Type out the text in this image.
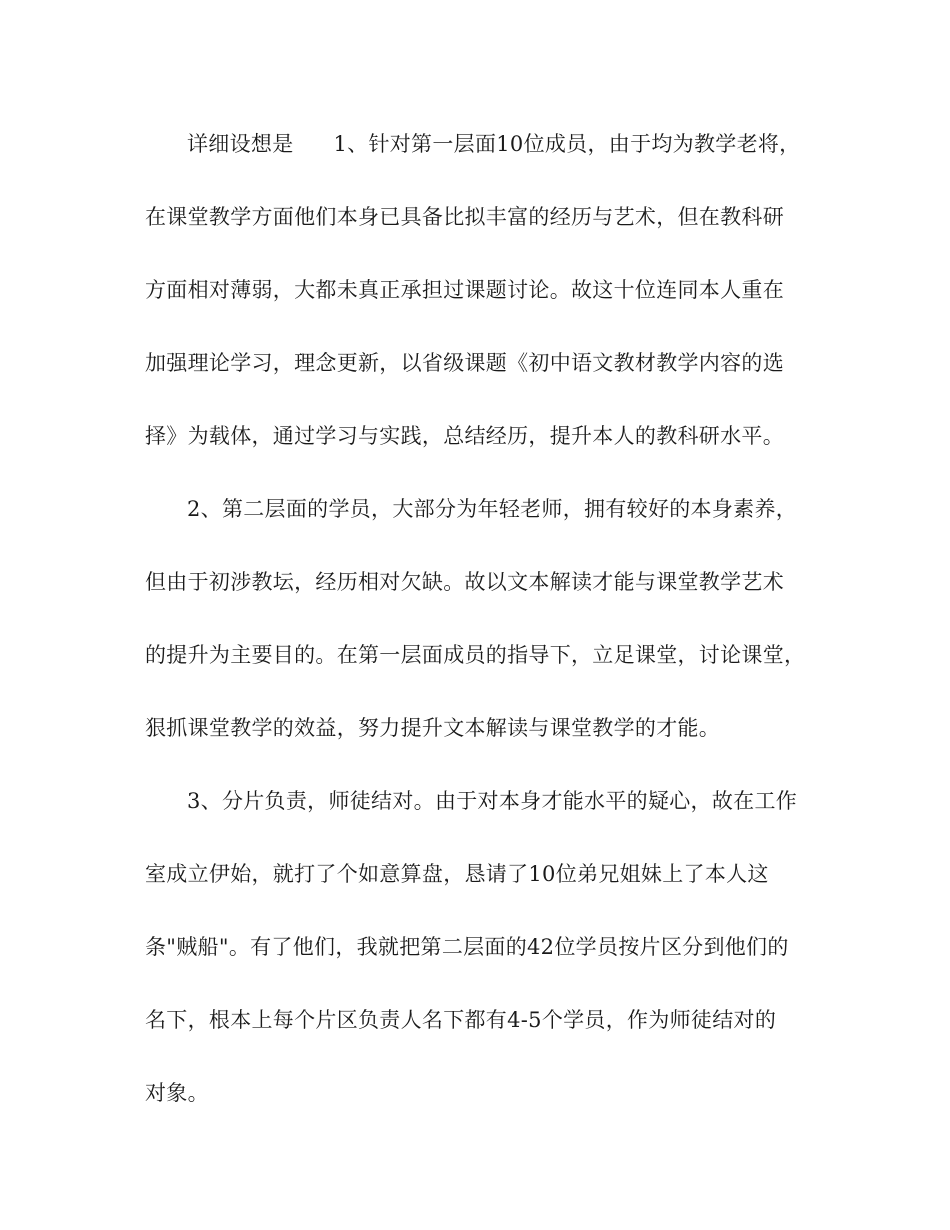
详细设想是 1、针对第一层面10位成员，由于均为教学老将，
在课堂教学方面他们本身已具备比拟丰富的经历与艺术，但在教科研
方面相对薄弱，大都未真正承担过课题讨论。故这十位连同本人重在
加强理论学习，理念更新，以省级课题《初中语文教材教学内容的选
择》为载体，通过学习与实践，总结经历，提升本人的教科研水平。
2、第二层面的学员，大部分为年轻老师，拥有较好的本身素养，
但由于初涉教坛，经历相对欠缺。故以文本解读才能与课堂教学艺术
的提升为主要目的。在第一层面成员的指导下，立足课堂，讨论课堂，
狠抓课堂教学的效益，努力提升文本解读与课堂教学的才能。
3、分片负责，师徒结对。由于对本身才能水平的疑心，故在工作
室成立伊始，就打了个如意算盘，恳请了10位弟兄姐妹上了本人这
条"贼船"。有了他们，我就把第二层面的42位学员按片区分到他们的
名下，根本上每个片区负责人名下都有4-5个学员，作为师徒结对的
对象。
